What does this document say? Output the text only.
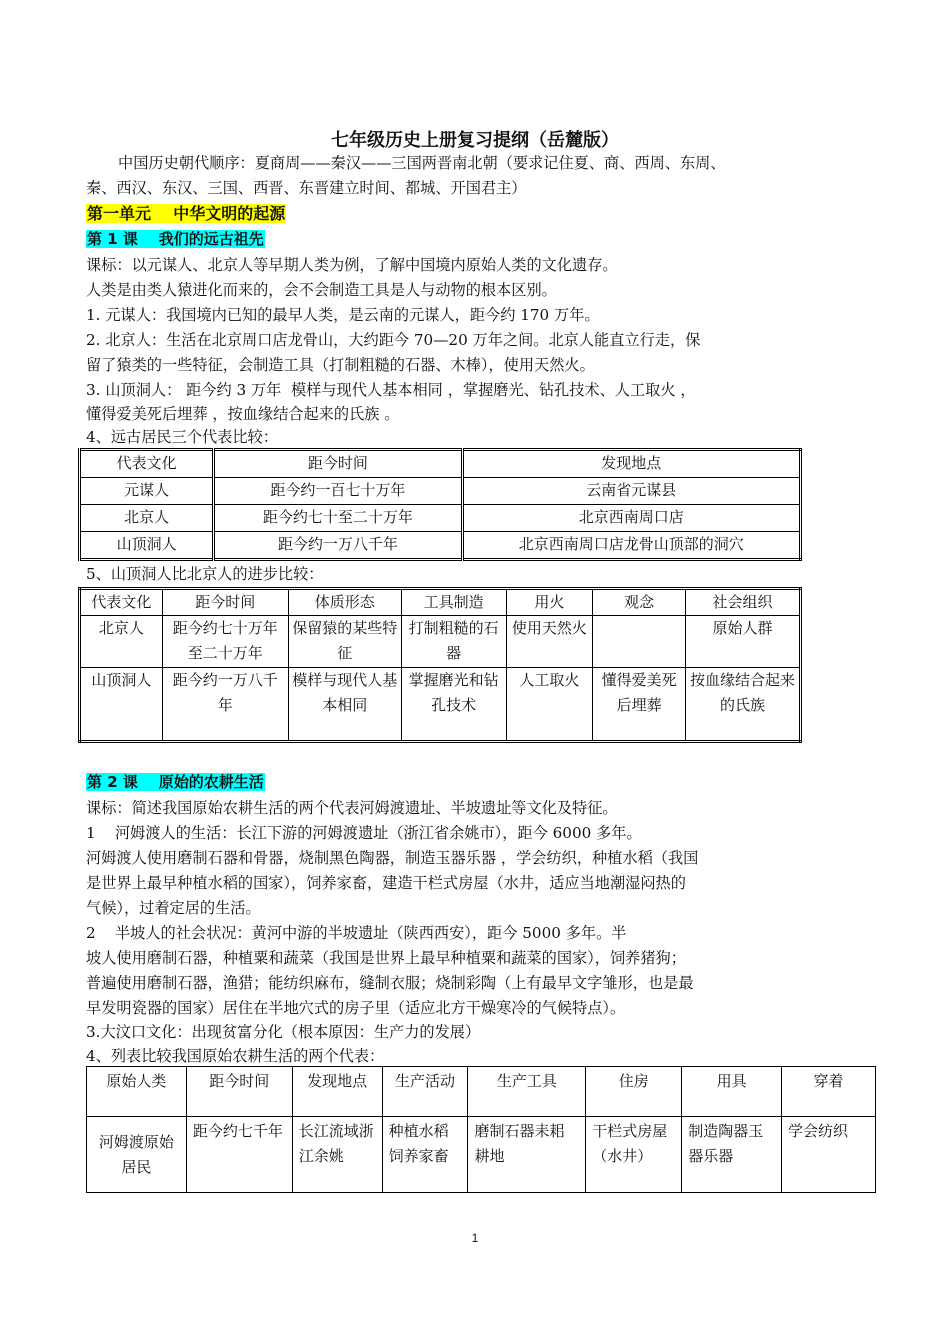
七年级历史上册复习提纲（岳麓版）
中国历史朝代顺序：夏商周——秦汉——三国两晋南北朝（要求记住夏、商、西周、东周、
秦、西汉、东汉、三国、西晋、东晋建立时间、都城、开国君主）
第一单元    中华文明的起源
第 1 课    我们的远古祖先
课标：以元谋人、北京人等早期人类为例，了解中国境内原始人类的文化遗存。
人类是由类人猿进化而来的，会不会制造工具是人与动物的根本区别。
1. 元谋人：我国境内已知的最早人类，是云南的元谋人，距今约 170 万年。
2. 北京人：生活在北京周口店龙骨山，大约距今 70—20 万年之间。北京人能直立行走，保
留了猿类的一些特征，会制造工具（打制粗糙的石器、木棒），使用天然火。
3. 山顶洞人： 距今约 3 万年  模样与现代人基本相同 ，掌握磨光、钻孔技术、人工取火 ，
懂得爱美死后埋葬 ，按血缘结合起来的氏族 。
4、远古居民三个代表比较：
代表文化	距今时间	发现地点
元谋人	距今约一百七十万年	云南省元谋县
北京人	距今约七十至二十万年	北京西南周口店
山顶洞人	距今约一万八千年	北京西南周口店龙骨山顶部的洞穴
5、山顶洞人比北京人的进步比较：
代表文化	距今时间	体质形态	工具制造	用火	观念	社会组织
北京人	距今约七十万年至二十万年	保留猿的某些特征	打制粗糙的石器	使用天然火		原始人群
山顶洞人	距今约一万八千年	模样与现代人基本相同	掌握磨光和钻孔技术	人工取火	懂得爱美死后埋葬	按血缘结合起来的氏族
第 2 课    原始的农耕生活
课标：简述我国原始农耕生活的两个代表河姆渡遗址、半坡遗址等文化及特征。
1    河姆渡人的生活：长江下游的河姆渡遗址（浙江省余姚市），距今 6000 多年。
河姆渡人使用磨制石器和骨器，烧制黑色陶器，制造玉器乐器 ，学会纺织，种植水稻（我国
是世界上最早种植水稻的国家），饲养家畜，建造干栏式房屋（水井，适应当地潮湿闷热的
气候），过着定居的生活。
2    半坡人的社会状况：黄河中游的半坡遗址（陕西西安），距今 5000 多年。半
坡人使用磨制石器，种植粟和蔬菜（我国是世界上最早种植粟和蔬菜的国家），饲养猪狗；
普遍使用磨制石器，渔猎；能纺织麻布，缝制衣服；烧制彩陶（上有最早文字雏形，也是最
早发明瓷器的国家）居住在半地穴式的房子里（适应北方干燥寒冷的气候特点）。
3.大汶口文化：出现贫富分化（根本原因：生产力的发展）
4、列表比较我国原始农耕生活的两个代表：
原始人类	距今时间	发现地点	生产活动	生产工具	住房	用具	穿着
河姆渡原始居民	距今约七千年	长江流域浙江余姚	种植水稻饲养家畜	磨制石器耒耜耕地	干栏式房屋（水井）	制造陶器玉器乐器	学会纺织
1
